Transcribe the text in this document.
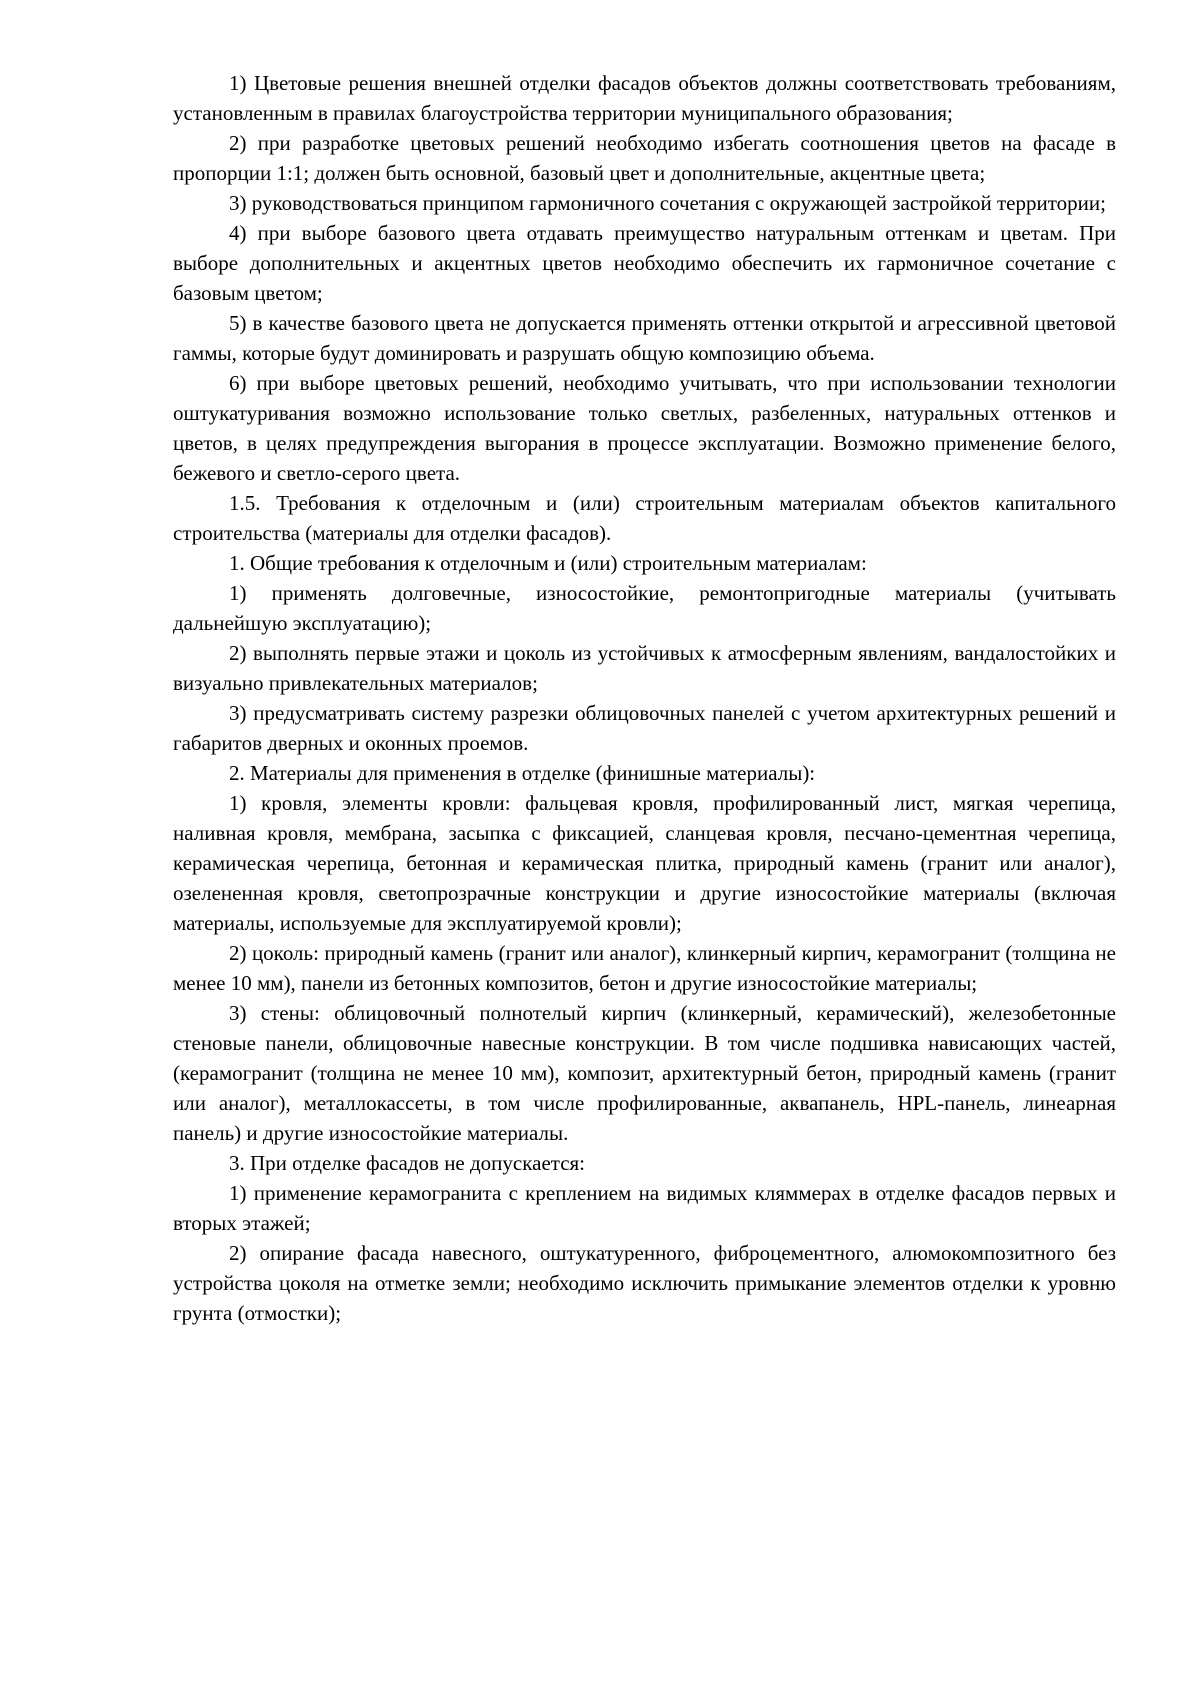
1) Цветовые решения внешней отделки фасадов объектов должны соответствовать требованиям, установленным в правилах благоустройства территории муниципального образования;

2) при разработке цветовых решений необходимо избегать соотношения цветов на фасаде в пропорции 1:1; должен быть основной, базовый цвет и дополнительные, акцентные цвета;

3) руководствоваться принципом гармоничного сочетания с окружающей застройкой территории;

4) при выборе базового цвета отдавать преимущество натуральным оттенкам и цветам. При выборе дополнительных и акцентных цветов необходимо обеспечить их гармоничное сочетание с базовым цветом;

5) в качестве базового цвета не допускается применять оттенки открытой и агрессивной цветовой гаммы, которые будут доминировать и разрушать общую композицию объема.

6) при выборе цветовых решений, необходимо учитывать, что при использовании технологии оштукатуривания возможно использование только светлых, разбеленных, натуральных оттенков и цветов, в целях предупреждения выгорания в процессе эксплуатации. Возможно применение белого, бежевого и светло-серого цвета.

1.5. Требования к отделочным и (или) строительным материалам объектов капитального строительства (материалы для отделки фасадов).

1. Общие требования к отделочным и (или) строительным материалам:

1) применять долговечные, износостойкие, ремонтопригодные материалы (учитывать дальнейшую эксплуатацию);

2) выполнять первые этажи и цоколь из устойчивых к атмосферным явлениям, вандалостойких и визуально привлекательных материалов;

3) предусматривать систему разрезки облицовочных панелей с учетом архитектурных решений и габаритов дверных и оконных проемов.

2. Материалы для применения в отделке (финишные материалы):

1) кровля, элементы кровли: фальцевая кровля, профилированный лист, мягкая черепица, наливная кровля, мембрана, засыпка с фиксацией, сланцевая кровля, песчано-цементная черепица, керамическая черепица, бетонная и керамическая плитка, природный камень (гранит или аналог), озелененная кровля, светопрозрачные конструкции и другие износостойкие материалы (включая материалы, используемые для эксплуатируемой кровли);

2) цоколь: природный камень (гранит или аналог), клинкерный кирпич, керамогранит (толщина не менее 10 мм), панели из бетонных композитов, бетон и другие износостойкие материалы;

3) стены: облицовочный полнотелый кирпич (клинкерный, керамический), железобетонные стеновые панели, облицовочные навесные конструкции. В том числе подшивка нависающих частей, (керамогранит (толщина не менее 10 мм), композит, архитектурный бетон, природный камень (гранит или аналог), металлокассеты, в том числе профилированные, аквапанель, HPL-панель, линеарная панель) и другие износостойкие материалы.

3. При отделке фасадов не допускается:

1) применение керамогранита с креплением на видимых кляммерах в отделке фасадов первых и вторых этажей;

2) опирание фасада навесного, оштукатуренного, фиброцементного, алюмокомпозитного без устройства цоколя на отметке земли; необходимо исключить примыкание элементов отделки к уровню грунта (отмостки);
